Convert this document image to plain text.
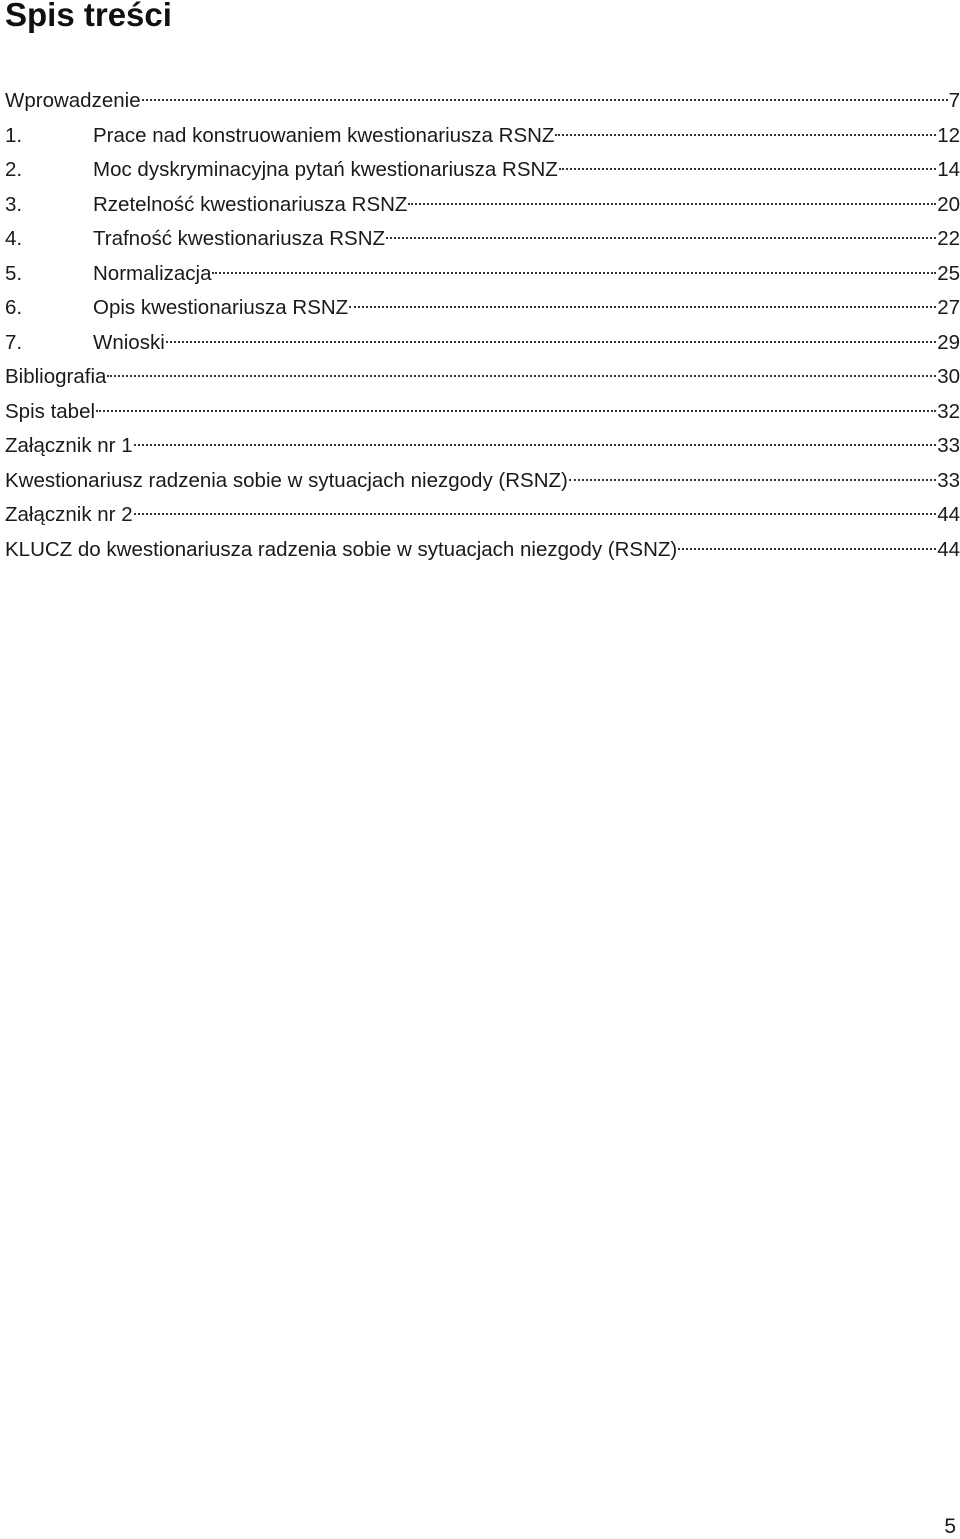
Spis treści
Wprowadzenie	7
1.	Prace nad konstruowaniem kwestionariusza RSNZ	12
2.	Moc dyskryminacyjna pytań kwestionariusza RSNZ	14
3.	Rzetelność kwestionariusza RSNZ	20
4.	Trafność kwestionariusza RSNZ	22
5.	Normalizacja	25
6.	Opis kwestionariusza RSNZ	27
7.	Wnioski	29
Bibliografia	30
Spis tabel	32
Załącznik nr 1	33
Kwestionariusz radzenia sobie w sytuacjach niezgody (RSNZ)	33
Załącznik nr 2	44
KLUCZ do kwestionariusza radzenia sobie w sytuacjach niezgody (RSNZ)	44
5
